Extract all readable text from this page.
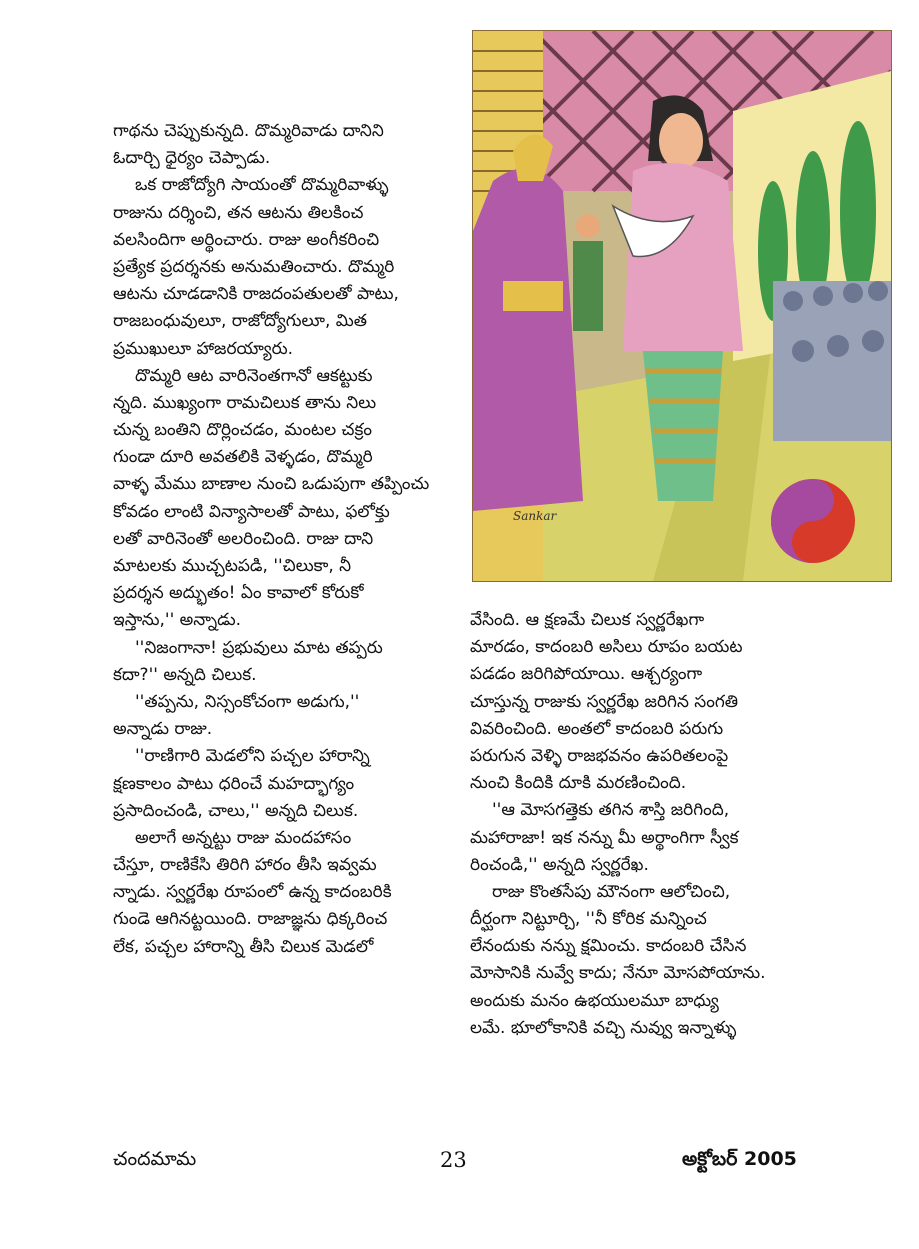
గాథను చెప్పుకున్నది. దొమ్మరివాడు దానిని
ఓదార్చి ధైర్యం చెప్పాడు.
ఒక రాజోద్యోగి సాయంతో దొమ్మరివాళ్ళు
రాజును దర్శించి, తన ఆటను తిలకించ
వలసిందిగా అర్థించారు. రాజు అంగీకరించి
ప్రత్యేక ప్రదర్శనకు అనుమతించారు. దొమ్మరి
ఆటను చూడడానికి రాజదంపతులతో పాటు,
రాజబంధువులూ, రాజోద్యోగులూ, మిత
ప్రముఖులూ హాజరయ్యారు.
దొమ్మరి ఆట వారినెంతగానో ఆకట్టుకు
న్నది. ముఖ్యంగా రామచిలుక తాను నిలు
చున్న బంతిని దొర్లించడం, మంటల చక్రం
గుండా దూరి అవతలికి వెళ్ళడం, దొమ్మరి
వాళ్ళ మేము బాణాల నుంచి ఒడుపుగా తప్పించు
కోవడం లాంటి విన్యాసాలతో పాటు, ఫలోక్తు
లతో వారినెంతో అలరించింది. రాజు దాని
మాటలకు ముచ్చటపడి, ''చిలుకా, నీ
ప్రదర్శన అద్భుతం! ఏం కావాలో కోరుకో
ఇస్తాను,'' అన్నాడు.
''నిజంగానా! ప్రభువులు మాట తప్పరు
కదా?'' అన్నది చిలుక.
''తప్పను, నిస్సంకోచంగా అడుగు,''
అన్నాడు రాజు.
''రాణిగారి మెడలోని పచ్చల హారాన్ని
క్షణకాలం పాటు ధరించే మహద్భాగ్యం
ప్రసాదించండి, చాలు,'' అన్నది చిలుక.
అలాగే అన్నట్టు రాజు మందహాసం
చేస్తూ, రాణికేసి తిరిగి హారం తీసి ఇవ్వమ
న్నాడు. స్వర్ణరేఖ రూపంలో ఉన్న కాదంబరికి
గుండె ఆగినట్టయింది. రాజాజ్ఞను ధిక్కరించ
లేక, పచ్చల హారాన్ని తీసి చిలుక మెడలో
Sankar
వేసింది. ఆ క్షణమే చిలుక స్వర్ణరేఖగా
మారడం, కాదంబరి అసిలు రూపం బయట
పడడం జరిగిపోయాయి. ఆశ్చర్యంగా
చూస్తున్న రాజుకు స్వర్ణరేఖ జరిగిన సంగతి
వివరించింది. అంతలో కాదంబరి పరుగు
పరుగున వెళ్ళి రాజభవనం ఉపరితలంపై
నుంచి కిందికి దూకి మరణించింది.
''ఆ మోసగత్తెకు తగిన శాస్తి జరిగింది,
మహారాజా! ఇక నన్ను మీ అర్థాంగిగా స్వీక
రించండి,'' అన్నది స్వర్ణరేఖ.
రాజు కొంతసేపు మౌనంగా ఆలోచించి,
దీర్ఘంగా నిట్టూర్చి, ''నీ కోరిక మన్నించ
లేనందుకు నన్ను క్షమించు. కాదంబరి చేసిన
మోసానికి నువ్వే కాదు; నేనూ మోసపోయాను.
అందుకు మనం ఉభయులమూ బాధ్యు
లమే. భూలోకానికి వచ్చి నువ్వు ఇన్నాళ్ళు
చందమామ	23	అక్టోబర్ 2005
